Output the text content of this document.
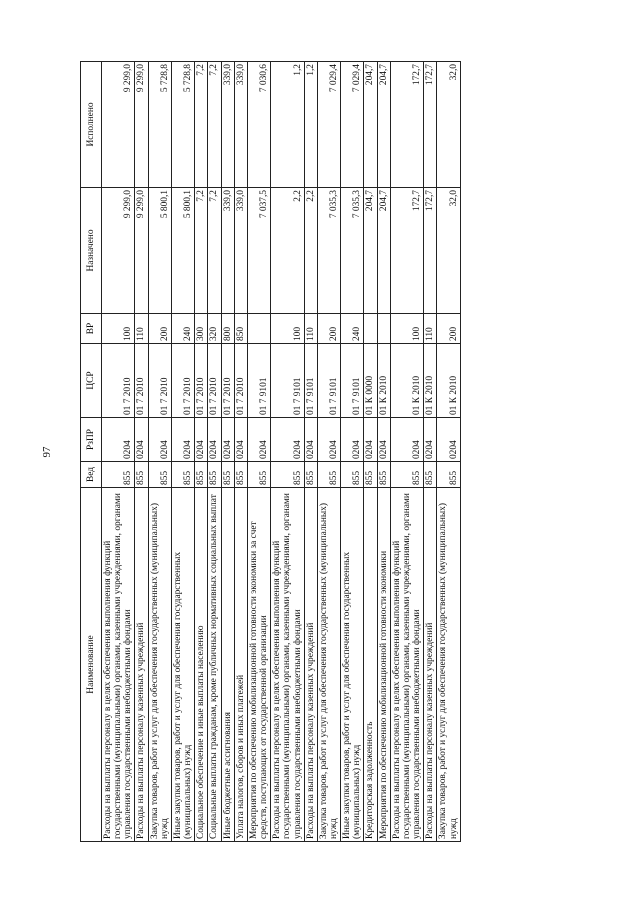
97
Наименование	Вед	РзПР	ЦСР	ВР	Назначено	Исполнено
Расходы на выплаты персоналу в целях обеспечения выполнения функций государственными (муниципальными) органами, казенными учреждениями, органами управления государственными внебюджетными фондами	855	0204	01 7 2010	100	9 299,0	9 299,0
Расходы на выплаты персоналу казенных учреждений	855	0204	01 7 2010	110	9 299,0	9 299,0
Закупка товаров, работ и услуг для обеспечения государственных (муниципальных) нужд	855	0204	01 7 2010	200	5 800,1	5 728,8
Иные закупки товаров, работ и услуг для обеспечения государственных (муниципальных) нужд	855	0204	01 7 2010	240	5 800,1	5 728,8
Социальное обеспечение и иные выплаты населению	855	0204	01 7 2010	300	7,2	7,2
Социальные выплаты гражданам, кроме публичных нормативных социальных выплат	855	0204	01 7 2010	320	7,2	7,2
Иные бюджетные ассигнования	855	0204	01 7 2010	800	339,0	339,0
Уплата налогов, сборов и иных платежей	855	0204	01 7 2010	850	339,0	339,0
Мероприятия по обеспечению мобилизационной готовности экономики за счет средств, поступающих от государственной организации	855	0204	01 7 9101		7 037,5	7 030,6
Расходы на выплаты персоналу в целях обеспечения выполнения функций государственными (муниципальными) органами, казенными учреждениями, органами управления государственными внебюджетными фондами	855	0204	01 7 9101	100	2,2	1,2
Расходы на выплаты персоналу казенных учреждений	855	0204	01 7 9101	110	2,2	1,2
Закупка товаров, работ и услуг для обеспечения государственных (муниципальных) нужд	855	0204	01 7 9101	200	7 035,3	7 029,4
Иные закупки товаров, работ и услуг для обеспечения государственных (муниципальных) нужд	855	0204	01 7 9101	240	7 035,3	7 029,4
Кредиторская задолженность	855	0204	01 К 0000		204,7	204,7
Мероприятия по обеспечению мобилизационной готовности экономики	855	0204	01 К 2010		204,7	204,7
Расходы на выплаты персоналу в целях обеспечения выполнения функций государственными (муниципальными) органами, казенными учреждениями, органами управления государственными внебюджетными фондами	855	0204	01 К 2010	100	172,7	172,7
Расходы на выплаты персоналу казенных учреждений	855	0204	01 К 2010	110	172,7	172,7
Закупка товаров, работ и услуг для обеспечения государственных (муниципальных) нужд	855	0204	01 К 2010	200	32,0	32,0
